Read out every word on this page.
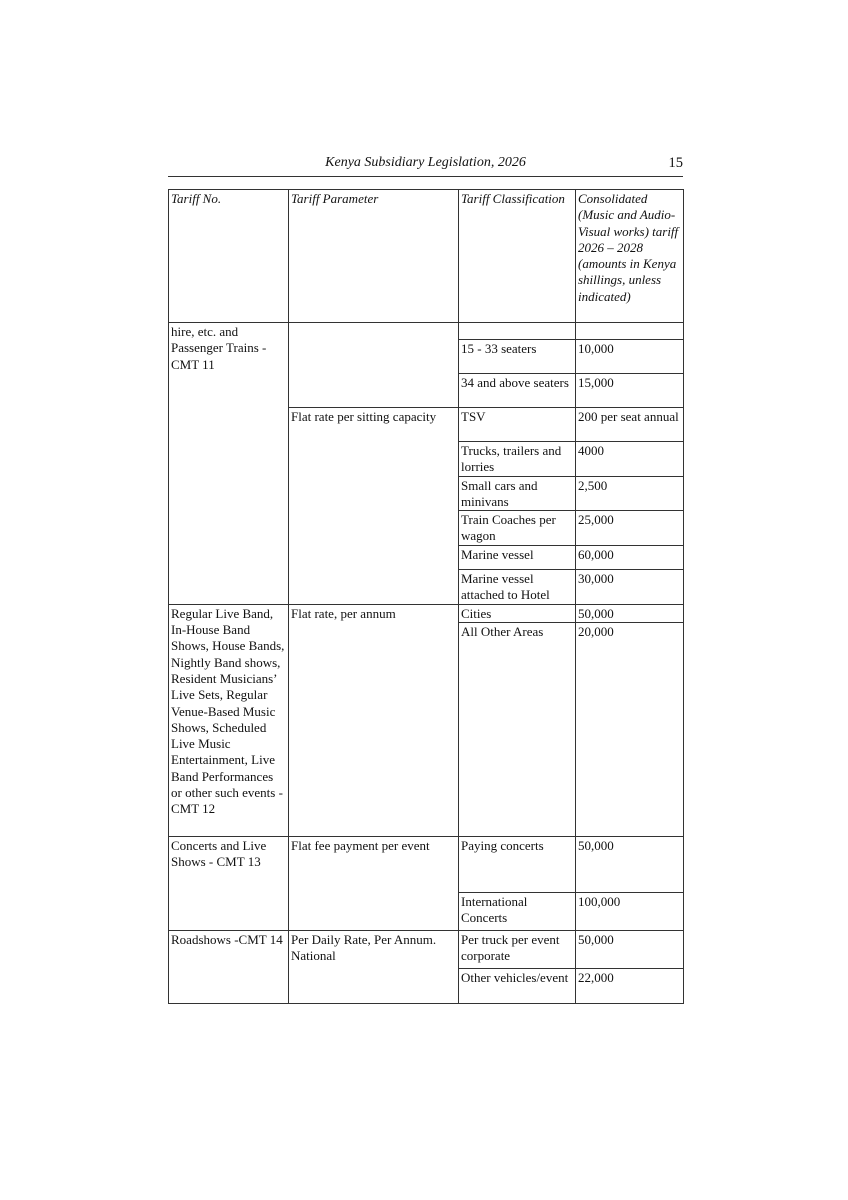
Kenya Subsidiary Legislation, 2026	15
Tariff No.	Tariff Parameter	Tariff Classification	Consolidated (Music and Audio-Visual works) tariff 2026 – 2028 (amounts in Kenya shillings, unless indicated)
hire, etc. and Passenger Trains - CMT 11			
		15 - 33 seaters	10,000
		34 and above seaters	15,000
	Flat rate per sitting capacity	TSV	200 per seat annual
		Trucks, trailers and lorries	4000
		Small cars and minivans	2,500
		Train Coaches per wagon	25,000
		Marine vessel	60,000
		Marine vessel attached to Hotel	30,000
Regular Live Band, In-House Band Shows, House Bands, Nightly Band shows, Resident Musicians’ Live Sets, Regular Venue-Based Music Shows, Scheduled Live Music Entertainment, Live Band Performances or other such events -CMT 12	Flat rate, per annum	Cities	50,000
		All Other Areas	20,000
Concerts and Live Shows - CMT 13	Flat fee payment per event	Paying concerts	50,000
		International Concerts	100,000
Roadshows -CMT 14	Per Daily Rate, Per Annum. National	Per truck per event corporate	50,000
		Other vehicles/event	22,000
